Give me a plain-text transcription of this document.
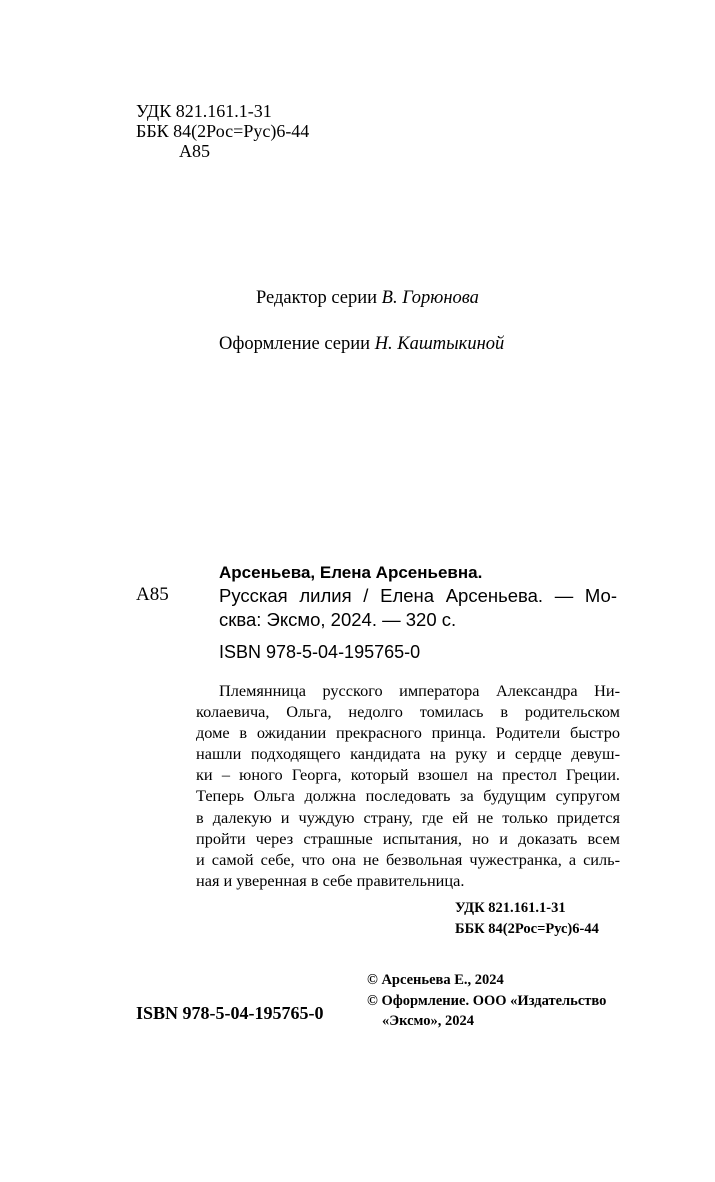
УДК 821.161.1-31
ББК 84(2Рос=Рус)6-44
А85
Редактор серии В. Горюнова
Оформление серии Н. Каштыкиной
Арсеньева, Елена Арсеньевна.
А85	Русская лилия / Елена Арсеньева. — Мо-
сква: Эксмо, 2024. — 320 с.
ISBN 978-5-04-195765-0
Племянница русского императора Александра Ни-
колаевича, Ольга, недолго томилась в родительском
доме в ожидании прекрасного принца. Родители быстро
нашли подходящего кандидата на руку и сердце девуш-
ки – юного Георга, который взошел на престол Греции.
Теперь Ольга должна последовать за будущим супругом
в далекую и чуждую страну, где ей не только придется
пройти через страшные испытания, но и доказать всем
и самой себе, что она не безвольная чужестранка, а силь-
ная и уверенная в себе правительница.
УДК 821.161.1-31
ББК 84(2Рос=Рус)6-44
© Арсеньева Е., 2024
© Оформление. ООО «Издательство
«Эксмо», 2024
ISBN 978-5-04-195765-0
